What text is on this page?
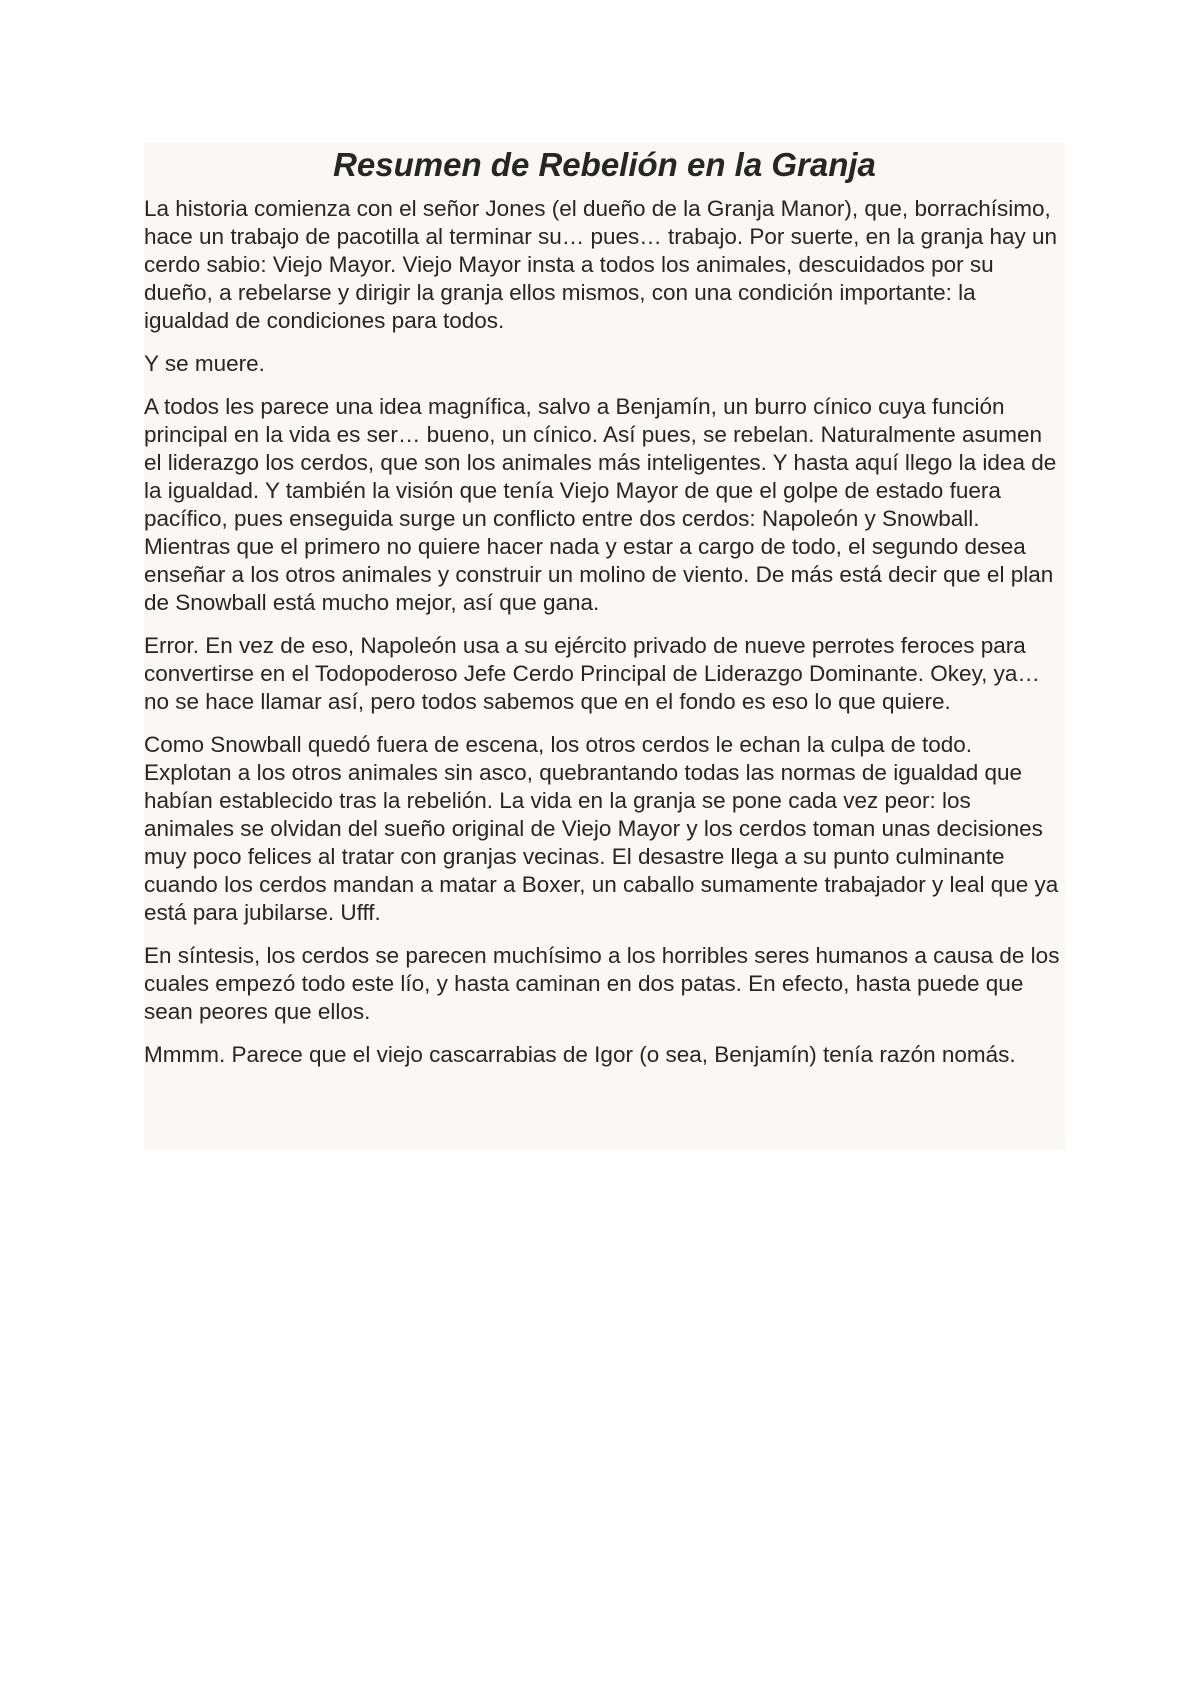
Resumen de Rebelión en la Granja

La historia comienza con el señor Jones (el dueño de la Granja Manor), que, borrachísimo, hace un trabajo de pacotilla al terminar su… pues… trabajo. Por suerte, en la granja hay un cerdo sabio: Viejo Mayor. Viejo Mayor insta a todos los animales, descuidados por su dueño, a rebelarse y dirigir la granja ellos mismos, con una condición importante: la igualdad de condiciones para todos.

Y se muere.

A todos les parece una idea magnífica, salvo a Benjamín, un burro cínico cuya función principal en la vida es ser… bueno, un cínico. Así pues, se rebelan. Naturalmente asumen el liderazgo los cerdos, que son los animales más inteligentes. Y hasta aquí llego la idea de la igualdad. Y también la visión que tenía Viejo Mayor de que el golpe de estado fuera pacífico, pues enseguida surge un conflicto entre dos cerdos: Napoleón y Snowball. Mientras que el primero no quiere hacer nada y estar a cargo de todo, el segundo desea enseñar a los otros animales y construir un molino de viento. De más está decir que el plan de Snowball está mucho mejor, así que gana.

Error. En vez de eso, Napoleón usa a su ejército privado de nueve perrotes feroces para convertirse en el Todopoderoso Jefe Cerdo Principal de Liderazgo Dominante. Okey, ya… no se hace llamar así, pero todos sabemos que en el fondo es eso lo que quiere.

Como Snowball quedó fuera de escena, los otros cerdos le echan la culpa de todo. Explotan a los otros animales sin asco, quebrantando todas las normas de igualdad que habían establecido tras la rebelión. La vida en la granja se pone cada vez peor: los animales se olvidan del sueño original de Viejo Mayor y los cerdos toman unas decisiones muy poco felices al tratar con granjas vecinas. El desastre llega a su punto culminante cuando los cerdos mandan a matar a Boxer, un caballo sumamente trabajador y leal que ya está para jubilarse. Ufff.

En síntesis, los cerdos se parecen muchísimo a los horribles seres humanos a causa de los cuales empezó todo este lío, y hasta caminan en dos patas. En efecto, hasta puede que sean peores que ellos.

Mmmm. Parece que el viejo cascarrabias de Igor (o sea, Benjamín) tenía razón nomás.
